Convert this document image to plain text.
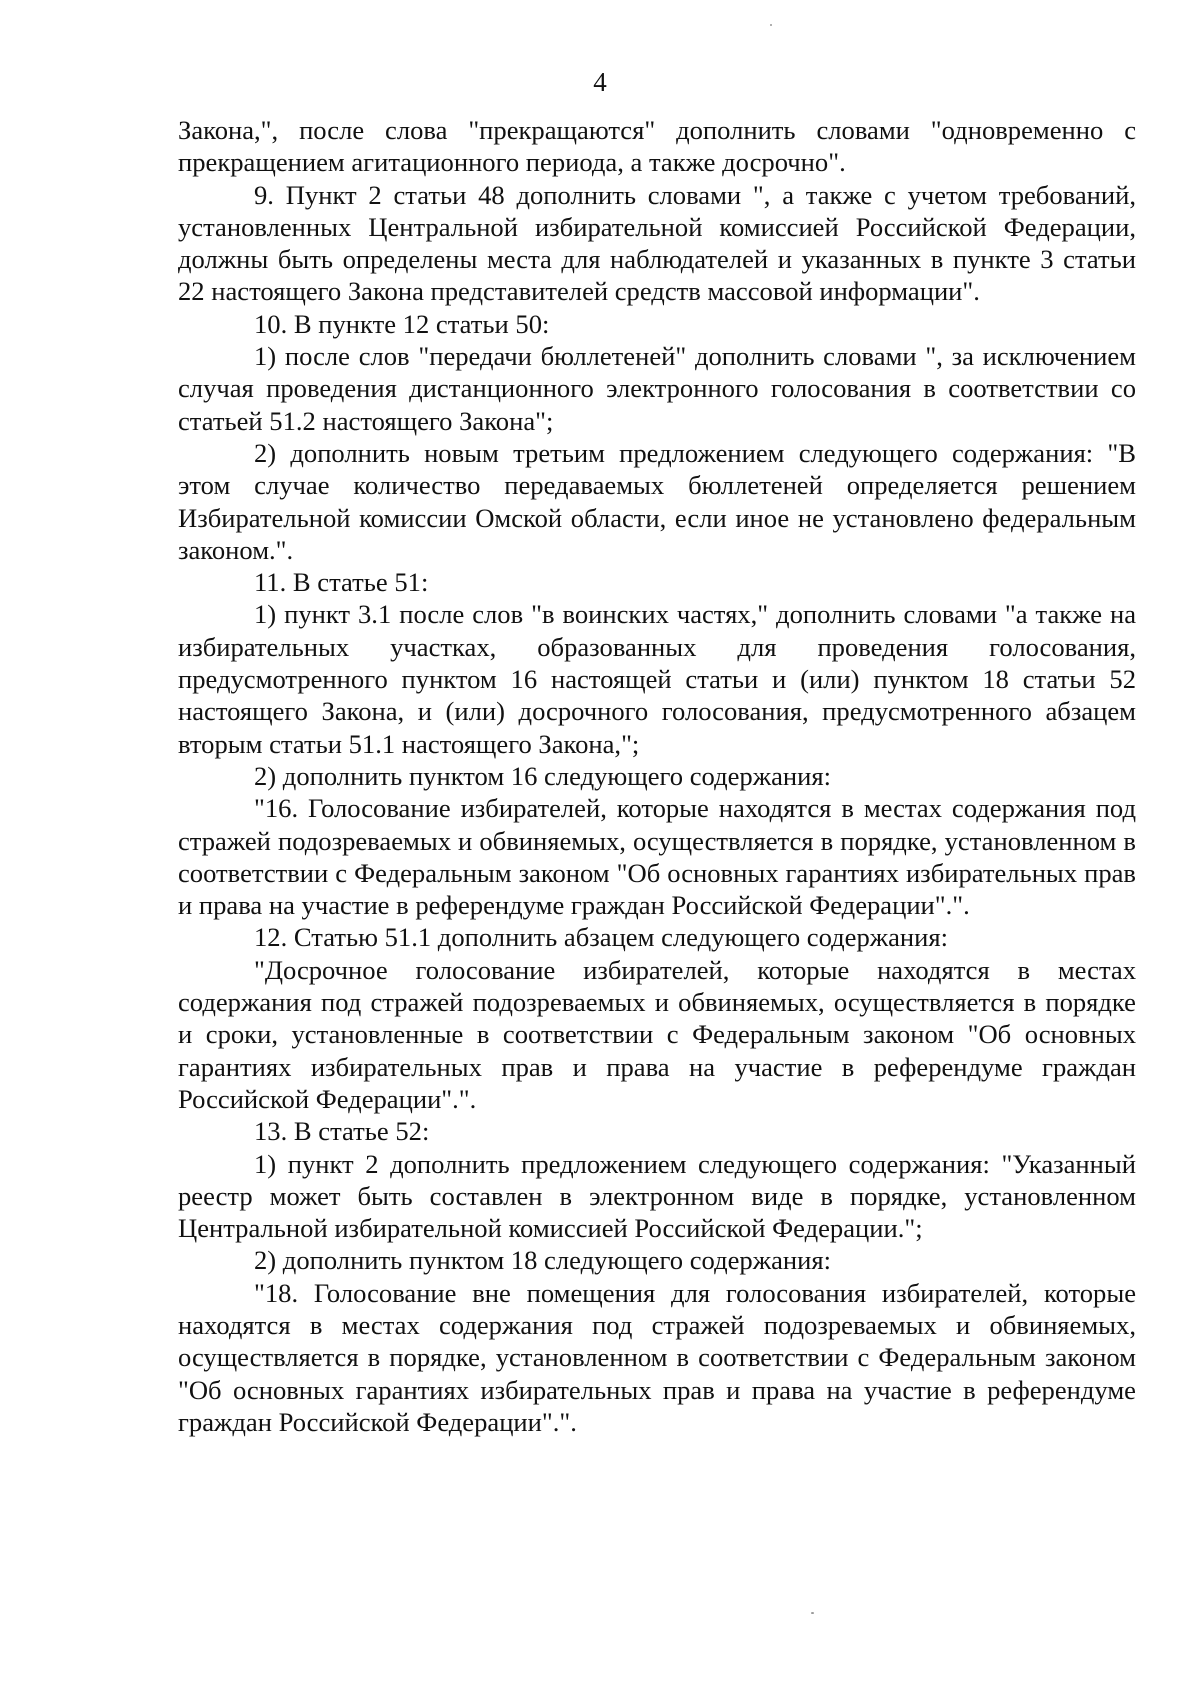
4

Закона,", после слова "прекращаются" дополнить словами "одновременно с прекращением агитационного периода, а также досрочно".

9. Пункт 2 статьи 48 дополнить словами ", а также с учетом требований, установленных Центральной избирательной комиссией Российской Федерации, должны быть определены места для наблюдателей и указанных в пункте 3 статьи 22 настоящего Закона представителей средств массовой информации".

10. В пункте 12 статьи 50:

1) после слов "передачи бюллетеней" дополнить словами ", за исключением случая проведения дистанционного электронного голосования в соответствии со статьей 51.2 настоящего Закона";

2) дополнить новым третьим предложением следующего содержания: "В этом случае количество передаваемых бюллетеней определяется решением Избирательной комиссии Омской области, если иное не установлено федеральным законом.".

11. В статье 51:

1) пункт 3.1 после слов "в воинских частях," дополнить словами "а также на избирательных участках, образованных для проведения голосования, предусмотренного пунктом 16 настоящей статьи и (или) пунктом 18 статьи 52 настоящего Закона, и (или) досрочного голосования, предусмотренного абзацем вторым статьи 51.1 настоящего Закона,";

2) дополнить пунктом 16 следующего содержания:

"16. Голосование избирателей, которые находятся в местах содержания под стражей подозреваемых и обвиняемых, осуществляется в порядке, установленном в соответствии с Федеральным законом "Об основных гарантиях избирательных прав и права на участие в референдуме граждан Российской Федерации".".

12. Статью 51.1 дополнить абзацем следующего содержания:

"Досрочное голосование избирателей, которые находятся в местах содержания под стражей подозреваемых и обвиняемых, осуществляется в порядке и сроки, установленные в соответствии с Федеральным законом "Об основных гарантиях избирательных прав и права на участие в референдуме граждан Российской Федерации".".

13. В статье 52:

1) пункт 2 дополнить предложением следующего содержания: "Указанный реестр может быть составлен в электронном виде в порядке, установленном Центральной избирательной комиссией Российской Федерации.";

2) дополнить пунктом 18 следующего содержания:

"18. Голосование вне помещения для голосования избирателей, которые находятся в местах содержания под стражей подозреваемых и обвиняемых, осуществляется в порядке, установленном в соответствии с Федеральным законом "Об основных гарантиях избирательных прав и права на участие в референдуме граждан Российской Федерации".".
